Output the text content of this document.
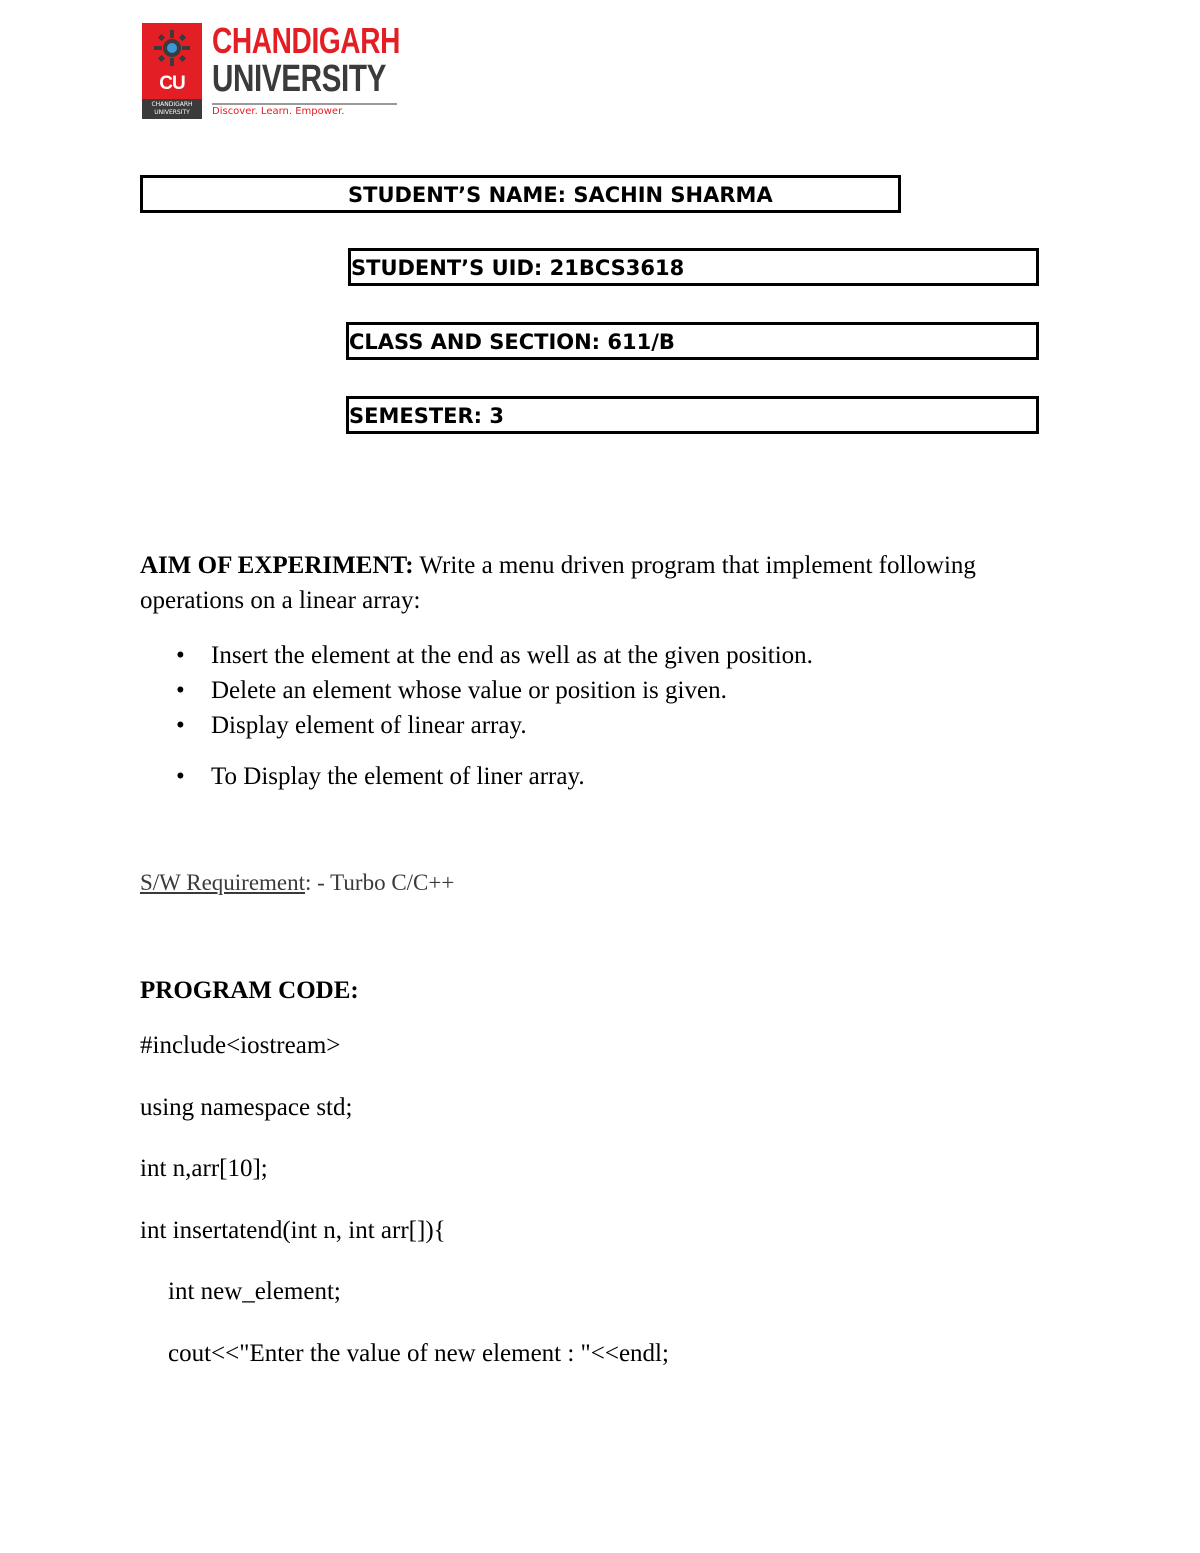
CU
CHANDIGARH UNIVERSITY
CHANDIGARH
UNIVERSITY
Discover. Learn. Empower.
STUDENT’S NAME: SACHIN SHARMA
STUDENT’S UID: 21BCS3618
CLASS AND SECTION: 611/B
SEMESTER: 3
AIM OF EXPERIMENT: Write a menu driven program that implement following operations on a linear array:
• Insert the element at the end as well as at the given position.
• Delete an element whose value or position is given.
• Display element of linear array.
• To Display the element of liner array.
S/W Requirement: - Turbo C/C++
PROGRAM CODE:
#include<iostream>
using namespace std;
int n,arr[10];
int insertatend(int n, int arr[]){
int new_element;
cout<<"Enter the value of new element : "<<endl;
